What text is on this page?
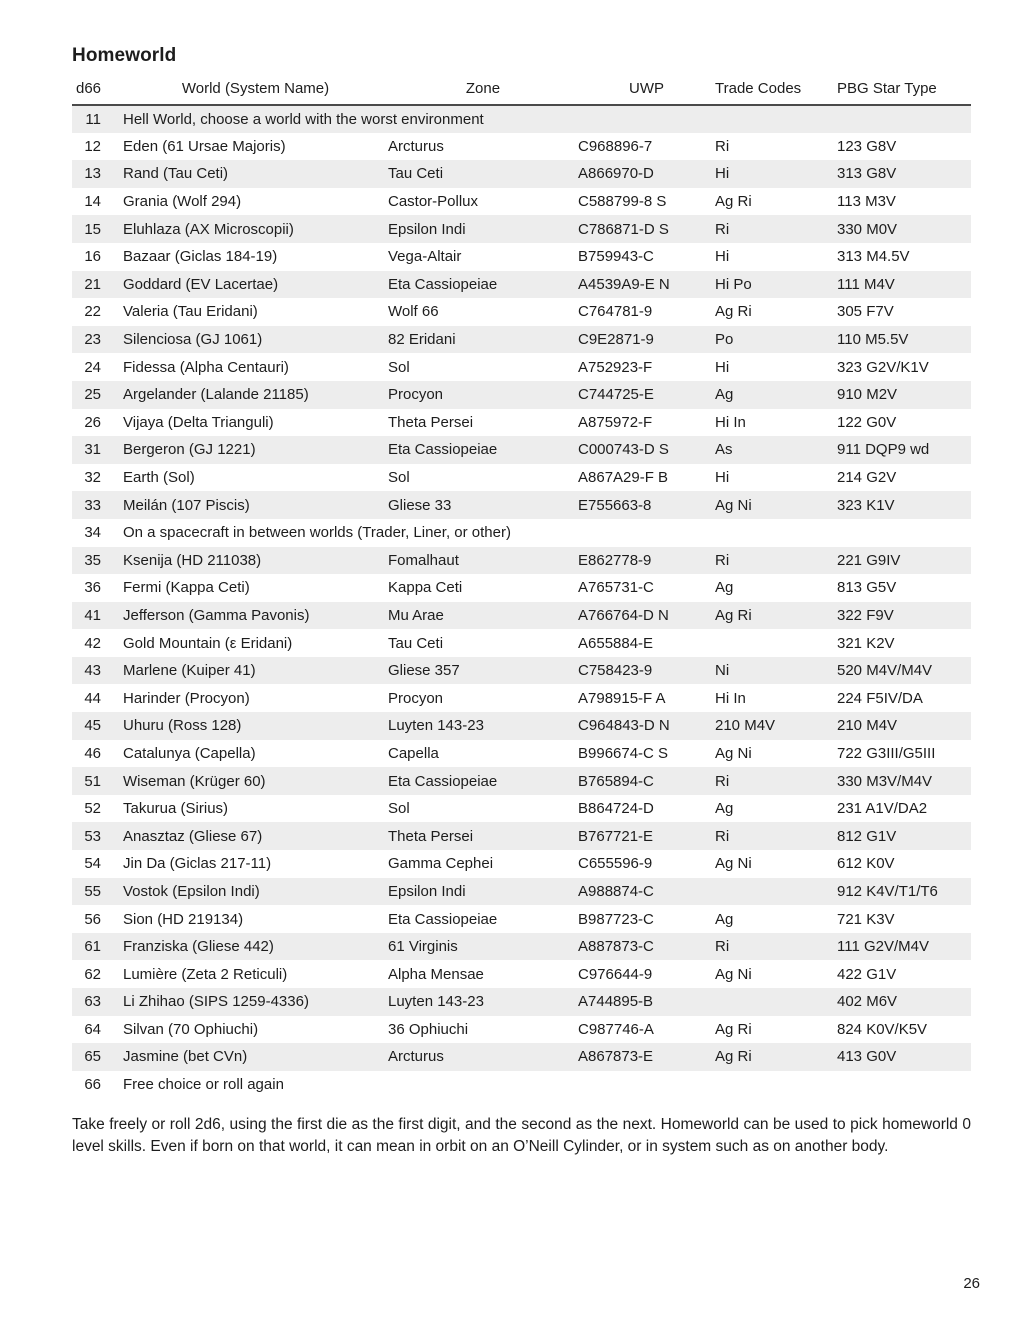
Homeworld
d66	World (System Name)	Zone	UWP	Trade Codes	PBG Star Type
11	Hell World, choose a world with the worst environment				
12	Eden (61 Ursae Majoris)	Arcturus	C968896-7	Ri	123 G8V
13	Rand (Tau Ceti)	Tau Ceti	A866970-D	Hi	313 G8V
14	Grania (Wolf 294)	Castor-Pollux	C588799-8 S	Ag Ri	113 M3V
15	Eluhlaza (AX Microscopii)	Epsilon Indi	C786871-D S	Ri	330 M0V
16	Bazaar (Giclas 184-19)	Vega-Altair	B759943-C	Hi	313 M4.5V
21	Goddard (EV Lacertae)	Eta Cassiopeiae	A4539A9-E N	Hi Po	111 M4V
22	Valeria (Tau Eridani)	Wolf 66	C764781-9	Ag Ri	305 F7V
23	Silenciosa (GJ 1061)	82 Eridani	C9E2871-9	Po	110 M5.5V
24	Fidessa (Alpha Centauri)	Sol	A752923-F	Hi	323 G2V/K1V
25	Argelander (Lalande 21185)	Procyon	C744725-E	Ag	910 M2V
26	Vijaya (Delta Trianguli)	Theta Persei	A875972-F	Hi In	122 G0V
31	Bergeron (GJ 1221)	Eta Cassiopeiae	C000743-D S	As	911 DQP9 wd
32	Earth (Sol)	Sol	A867A29-F B	Hi	214 G2V
33	Meilán (107 Piscis)	Gliese 33	E755663-8	Ag Ni	323 K1V
34	On a spacecraft in between worlds (Trader, Liner, or other)				
35	Ksenija (HD 211038)	Fomalhaut	E862778-9	Ri	221 G9IV
36	Fermi (Kappa Ceti)	Kappa Ceti	A765731-C	Ag	813 G5V
41	Jefferson (Gamma Pavonis)	Mu Arae	A766764-D N	Ag Ri	322 F9V
42	Gold Mountain (ε Eridani)	Tau Ceti	A655884-E		321 K2V
43	Marlene (Kuiper 41)	Gliese 357	C758423-9	Ni	520 M4V/M4V
44	Harinder (Procyon)	Procyon	A798915-F A	Hi In	224 F5IV/DA
45	Uhuru (Ross 128)	Luyten 143-23	C964843-D N	210 M4V	210 M4V
46	Catalunya (Capella)	Capella	B996674-C S	Ag Ni	722 G3III/G5III
51	Wiseman (Krüger 60)	Eta Cassiopeiae	B765894-C	Ri	330 M3V/M4V
52	Takurua (Sirius)	Sol	B864724-D	Ag	231 A1V/DA2
53	Anasztaz (Gliese 67)	Theta Persei	B767721-E	Ri	812 G1V
54	Jin Da (Giclas 217-11)	Gamma Cephei	C655596-9	Ag Ni	612 K0V
55	Vostok (Epsilon Indi)	Epsilon Indi	A988874-C		912 K4V/T1/T6
56	Sion (HD 219134)	Eta Cassiopeiae	B987723-C	Ag	721 K3V
61	Franziska (Gliese 442)	61 Virginis	A887873-C	Ri	111 G2V/M4V
62	Lumière (Zeta 2 Reticuli)	Alpha Mensae	C976644-9	Ag Ni	422 G1V
63	Li Zhihao (SIPS 1259-4336)	Luyten 143-23	A744895-B		402 M6V
64	Silvan (70 Ophiuchi)	36 Ophiuchi	C987746-A	Ag Ri	824 K0V/K5V
65	Jasmine (bet CVn)	Arcturus	A867873-E	Ag Ri	413 G0V
66	Free choice or roll again				

Take freely or roll 2d6, using the first die as the first digit, and the second as the next. Homeworld can be used to pick homeworld 0 level skills. Even if born on that world, it can mean in orbit on an O’Neill Cylinder, or in system such as on another body.

26
